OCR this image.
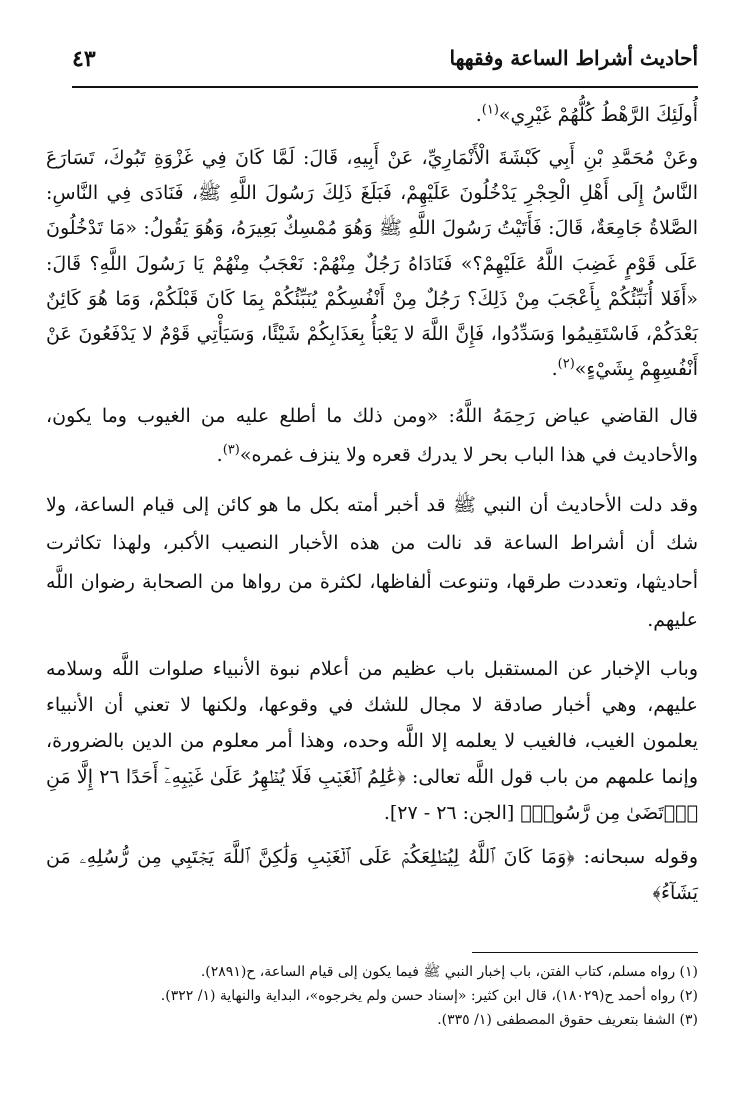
أحاديث أشراط الساعة وفقهها
٤٣

أُولَئِكَ الرَّهْطُ كُلُّهُمْ غَيْرِي»$^{(١)}$.

وعَنْ مُحَمَّدِ بْنِ أَبِي كَبْشَةَ الْأَنْمَارِيِّ، عَنْ أَبِيهِ، قَالَ: لَمَّا كَانَ فِي غَزْوَةِ تَبُوكَ، تَسَارَعَ النَّاسُ إِلَى أَهْلِ الْحِجْرِ يَدْخُلُونَ عَلَيْهِمْ، فَبَلَغَ ذَلِكَ رَسُولَ اللَّهِ ﷺ، فَنَادَى فِي النَّاسِ: الصَّلاةُ جَامِعَةٌ، قَالَ: فَأَتَيْتُ رَسُولَ اللَّهِ ﷺ وَهُوَ مُمْسِكٌ بَعِيرَهُ، وَهُوَ يَقُولُ: «مَا تَدْخُلُونَ عَلَى قَوْمٍ غَضِبَ اللَّهُ عَلَيْهِمْ؟» فَنَادَاهُ رَجُلٌ مِنْهُمْ: نَعْجَبُ مِنْهُمْ يَا رَسُولَ اللَّهِ؟ قَالَ: «أَفَلا أُنَبِّئُكُمْ بِأَعْجَبَ مِنْ ذَلِكَ؟ رَجُلٌ مِنْ أَنْفُسِكُمْ يُنَبِّئُكُمْ بِمَا كَانَ قَبْلَكُمْ، وَمَا هُوَ كَائِنٌ بَعْدَكُمْ، فَاسْتَقِيمُوا وَسَدِّدُوا، فَإِنَّ اللَّهَ لا يَعْبَأُ بِعَذَابِكُمْ شَيْئًا، وَسَيَأْتِي قَوْمٌ لا يَدْفَعُونَ عَنْ أَنْفُسِهِمْ بِشَيْءٍ»$^{(٢)}$.

قال القاضي عياض رَحِمَهُ اللَّهُ: «ومن ذلك ما أطلع عليه من الغيوب وما يكون، والأحاديث في هذا الباب بحر لا يدرك قعره ولا ينزف غمره»$^{(٣)}$.

وقد دلت الأحاديث أن النبي ﷺ قد أخبر أمته بكل ما هو كائن إلى قيام الساعة، ولا شك أن أشراط الساعة قد نالت من هذه الأخبار النصيب الأكبر، ولهذا تكاثرت أحاديثها، وتعددت طرقها، وتنوعت ألفاظها، لكثرة من رواها من الصحابة رضوان اللَّه عليهم.

وباب الإخبار عن المستقبل باب عظيم من أعلام نبوة الأنبياء صلوات اللَّه وسلامه عليهم، وهي أخبار صادقة لا مجال للشك في وقوعها، ولكنها لا تعني أن الأنبياء يعلمون الغيب، فالغيب لا يعلمه إلا اللَّه وحده، وهذا أمر معلوم من الدين بالضرورة، وإنما علمهم من باب قول اللَّه تعالى: ﴿عَٰلِمُ ٱلۡغَيۡبِ فَلَا يُظۡهِرُ عَلَىٰ غَيۡبِهِۦٓ أَحَدًا ٢٦ إِلَّا مَنِ ٱرۡتَضَىٰ مِن رَّسُولٖ﴾ [الجن: ٢٦ - ٢٧].

وقوله سبحانه: ﴿وَمَا كَانَ ٱللَّهُ لِيُطۡلِعَكُمۡ عَلَى ٱلۡغَيۡبِ وَلَٰكِنَّ ٱللَّهَ يَجۡتَبِي مِن رُّسُلِهِۦ مَن يَشَآءُ﴾

(١) رواه مسلم، كتاب الفتن، باب إخبار النبي ﷺ فيما يكون إلى قيام الساعة، ح(٢٨٩١).

(٢) رواه أحمد ح(١٨٠٢٩)، قال ابن كثير: «إسناد حسن ولم يخرجوه»، البداية والنهاية (١/ ٣٢٢).

(٣) الشفا بتعريف حقوق المصطفى (١/ ٣٣٥).
